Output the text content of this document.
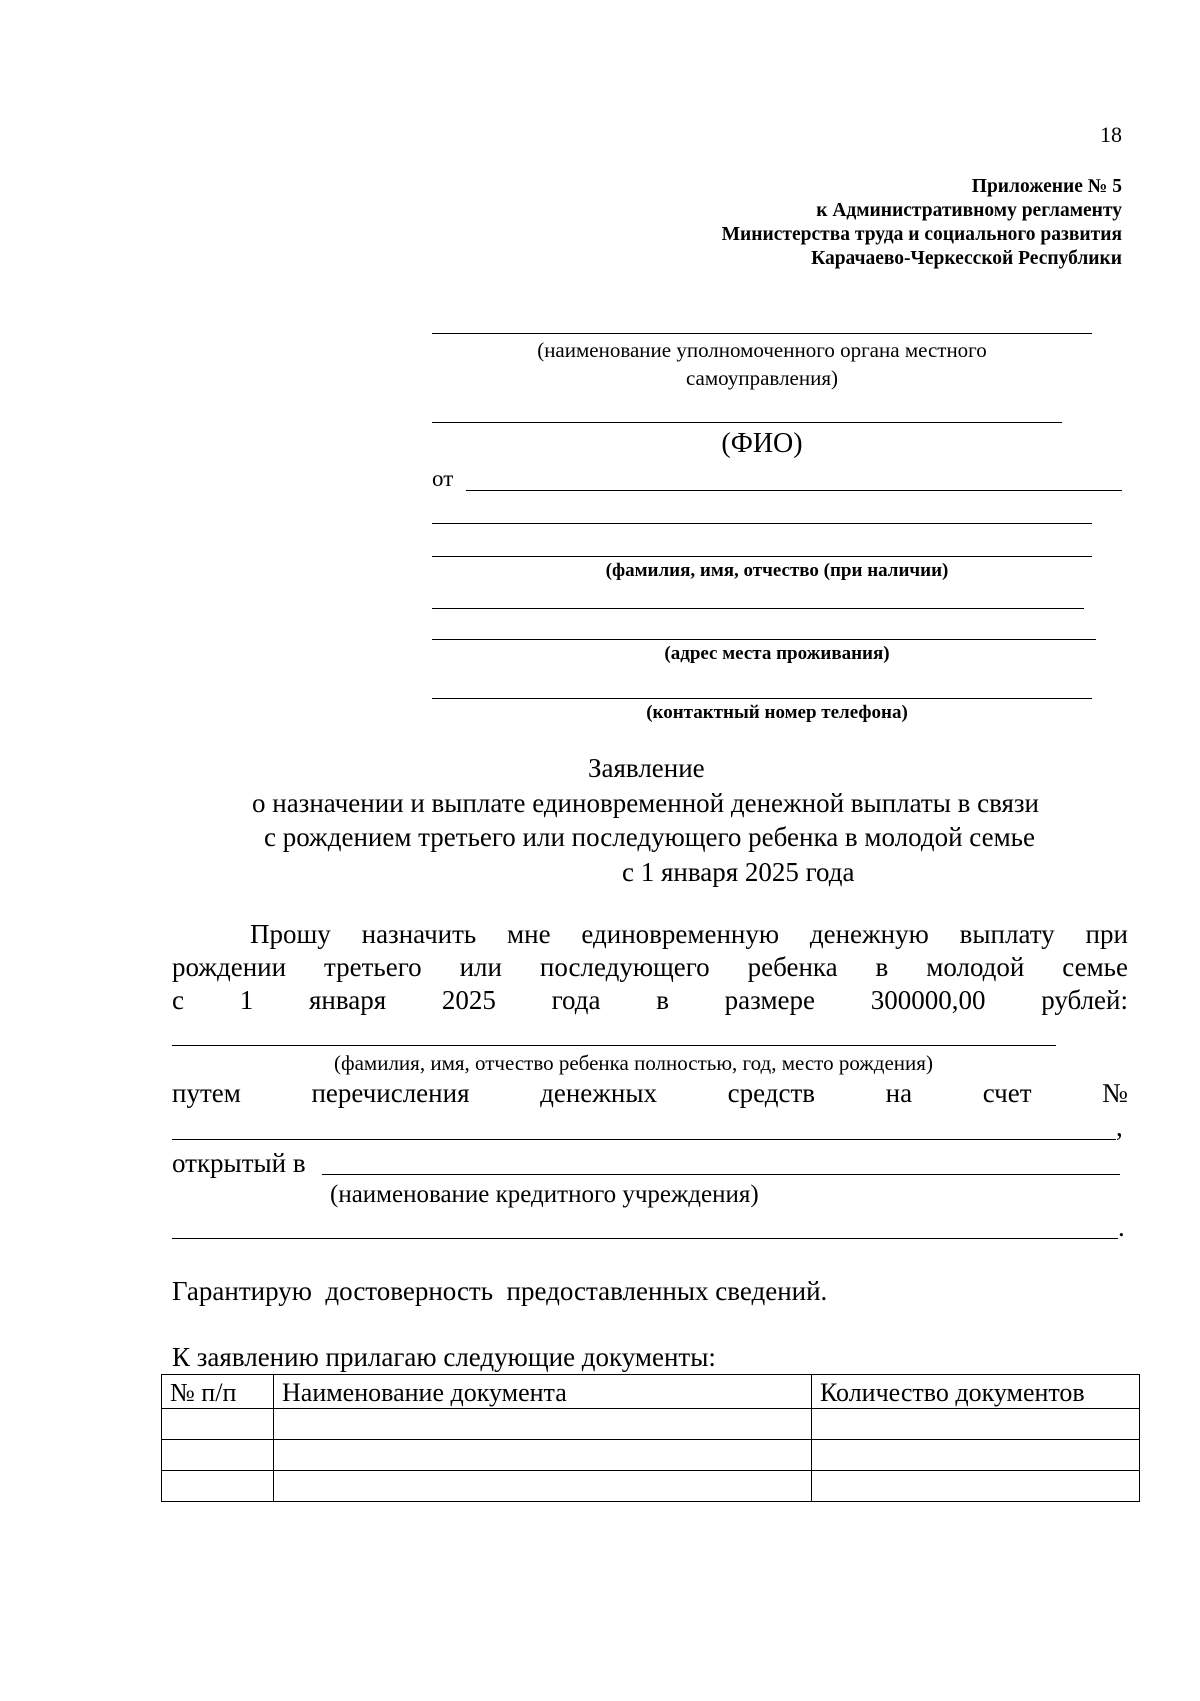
18
Приложение № 5
к Административному регламенту
Министерства труда и социального развития
Карачаево-Черкесской Республики
(наименование уполномоченного органа местного
самоуправления)
(ФИО)
от
(фамилия, имя, отчество (при наличии)
(адрес места проживания)
(контактный номер телефона)
Заявление
о назначении и выплате единовременной денежной выплаты в связи
с рождением третьего или последующего ребенка в молодой семье
с 1 января 2025 года
Прошу назначить мне единовременную денежную выплату при
рождении третьего или последующего ребенка в молодой семье
с 1 января 2025 года в размере 300000,00 рублей:
(фамилия, имя, отчество ребенка полностью, год, место рождения)
путем	перечисления	денежных	средств	на	счет	№
,
открытый в
(наименование кредитного учреждения)
.
Гарантирую  достоверность  предоставленных сведений.
К заявлению прилагаю следующие документы:
№ п/п	Наименование документа	Количество документов
